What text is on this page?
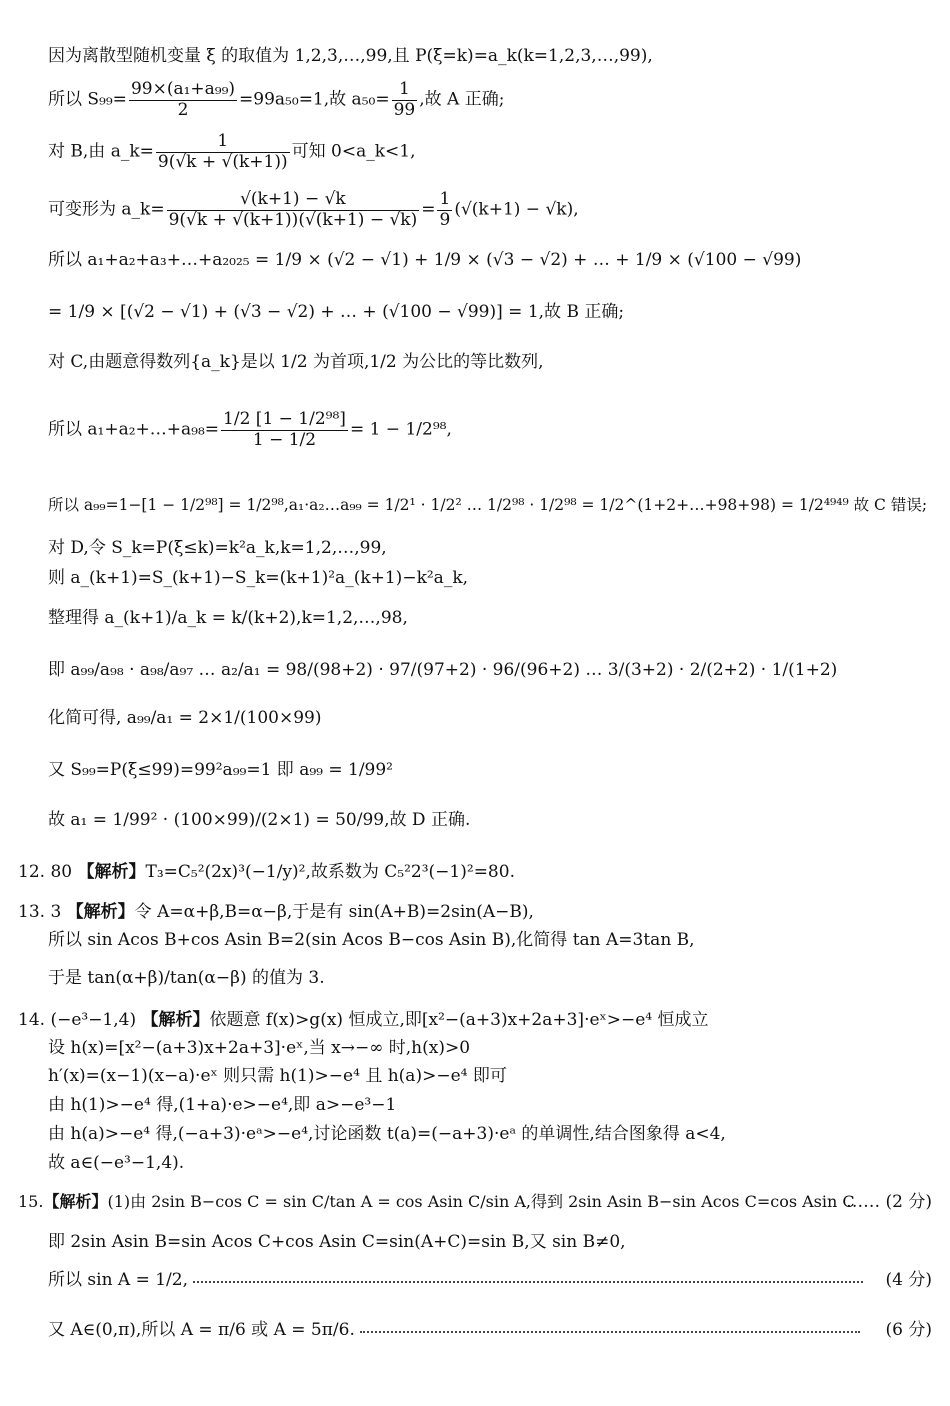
因为离散型随机变量 ξ 的取值为 1,2,3,…,99,且 P(ξ=k)=a_k(k=1,2,3,…,99),
所以 $S_{99}= \frac{\text{99×(a₁+a₉₉)}}{2} =99a_{50}=1$,故 $a_{50}= \frac{1}{99}$ ,故 A 正确;
对 B,由 a_k= $\frac{1}{9(√k + √(k+1))}$ 可知 0<a_k<1,
可变形为 a_k= $\frac{√(k+1) - √k}{9(√k + √(k+1))(√(k+1) - √k)} = \frac{1}{9} (√(k+1) - √k)$,
所以 a₁+a₂+a₃+…+a₂₀₂₅ = 1/9 × (√2 − √1) + 1/9 × (√3 − √2) + … + 1/9 × (√100 − √99)
= 1/9 × [(√2 − √1) + (√3 − √2) + … + (√100 − √99)] = 1,故 B 正确;
对 C,由题意得数列{a_k}是以 1/2 为首项,1/2 为公比的等比数列,
所以 a₁+a₂+…+a₉₈= $\frac{\text{1/2 [1 − 1/2⁹⁸]}}{1 - 1/2} = 1 - 1/2^{98}$,
所以 a₉₉=1−[1 − 1/2⁹⁸] = 1/2⁹⁸,a₁·a₂…a₉₉ = 1/2¹ · 1/2² … 1/2⁹⁸ · 1/2⁹⁸ = 1/2^(1+2+…+98+98) = 1/2⁴⁹⁴⁹ 故 C 错误;
对 D,令 S_k=P(ξ≤k)=k²a_k,k=1,2,…,99,
则 a_(k+1)=S_(k+1)−S_k=(k+1)²a_(k+1)−k²a_k,
整理得 a_(k+1)/a_k = k/(k+2),k=1,2,…,98,
即 a₉₉/a₉₈ · a₉₈/a₉₇ … a₂/a₁ = 98/(98+2) · 97/(97+2) · 96/(96+2) … 3/(3+2) · 2/(2+2) · 1/(1+2)
化简可得, a₉₉/a₁ = 2×1/(100×99)
又 S₉₉=P(ξ≤99)=99²a₉₉=1 即 a₉₉ = 1/99²
故 a₁ = 1/99² · (100×99)/(2×1) = 50/99,故 D 正确.
12. 80 【解析】T₃=C₅²(2x)³(−1/y)²,故系数为 C₅²2³(−1)²=80.
13. 3 【解析】令 A=α+β,B=α−β,于是有 sin(A+B)=2sin(A−B),
所以 sin Acos B+cos Asin B=2(sin Acos B−cos Asin B),化简得 tan A=3tan B,
于是 tan(α+β)/tan(α−β) 的值为 3.
14. (−e³−1,4) 【解析】依题意 f(x)>g(x) 恒成立,即[x²−(a+3)x+2a+3]·eˣ>−e⁴ 恒成立
设 h(x)=[x²−(a+3)x+2a+3]·eˣ,当 x→−∞ 时,h(x)>0
h′(x)=(x−1)(x−a)·eˣ 则只需 h(1)>−e⁴ 且 h(a)>−e⁴ 即可
由 h(1)>−e⁴ 得,(1+a)·e>−e⁴,即 a>−e³−1
由 h(a)>−e⁴ 得,(−a+3)·eᵃ>−e⁴,讨论函数 t(a)=(−a+3)·eᵃ 的单调性,结合图象得 a<4,
故 a∈(−e³−1,4).
15.【解析】(1)由 2sin B−cos C = sin C/tan A = cos Asin C/sin A,得到 2sin Asin B−sin Acos C=cos Asin C
…… (2 分)
即 2sin Asin B=sin Acos C+cos Asin C=sin(A+C)=sin B,又 sin B≠0,
所以 sin A = 1/2,	(4 分)
又 A∈(0,π),所以 A = π/6 或 A = 5π/6.	(6 分)
